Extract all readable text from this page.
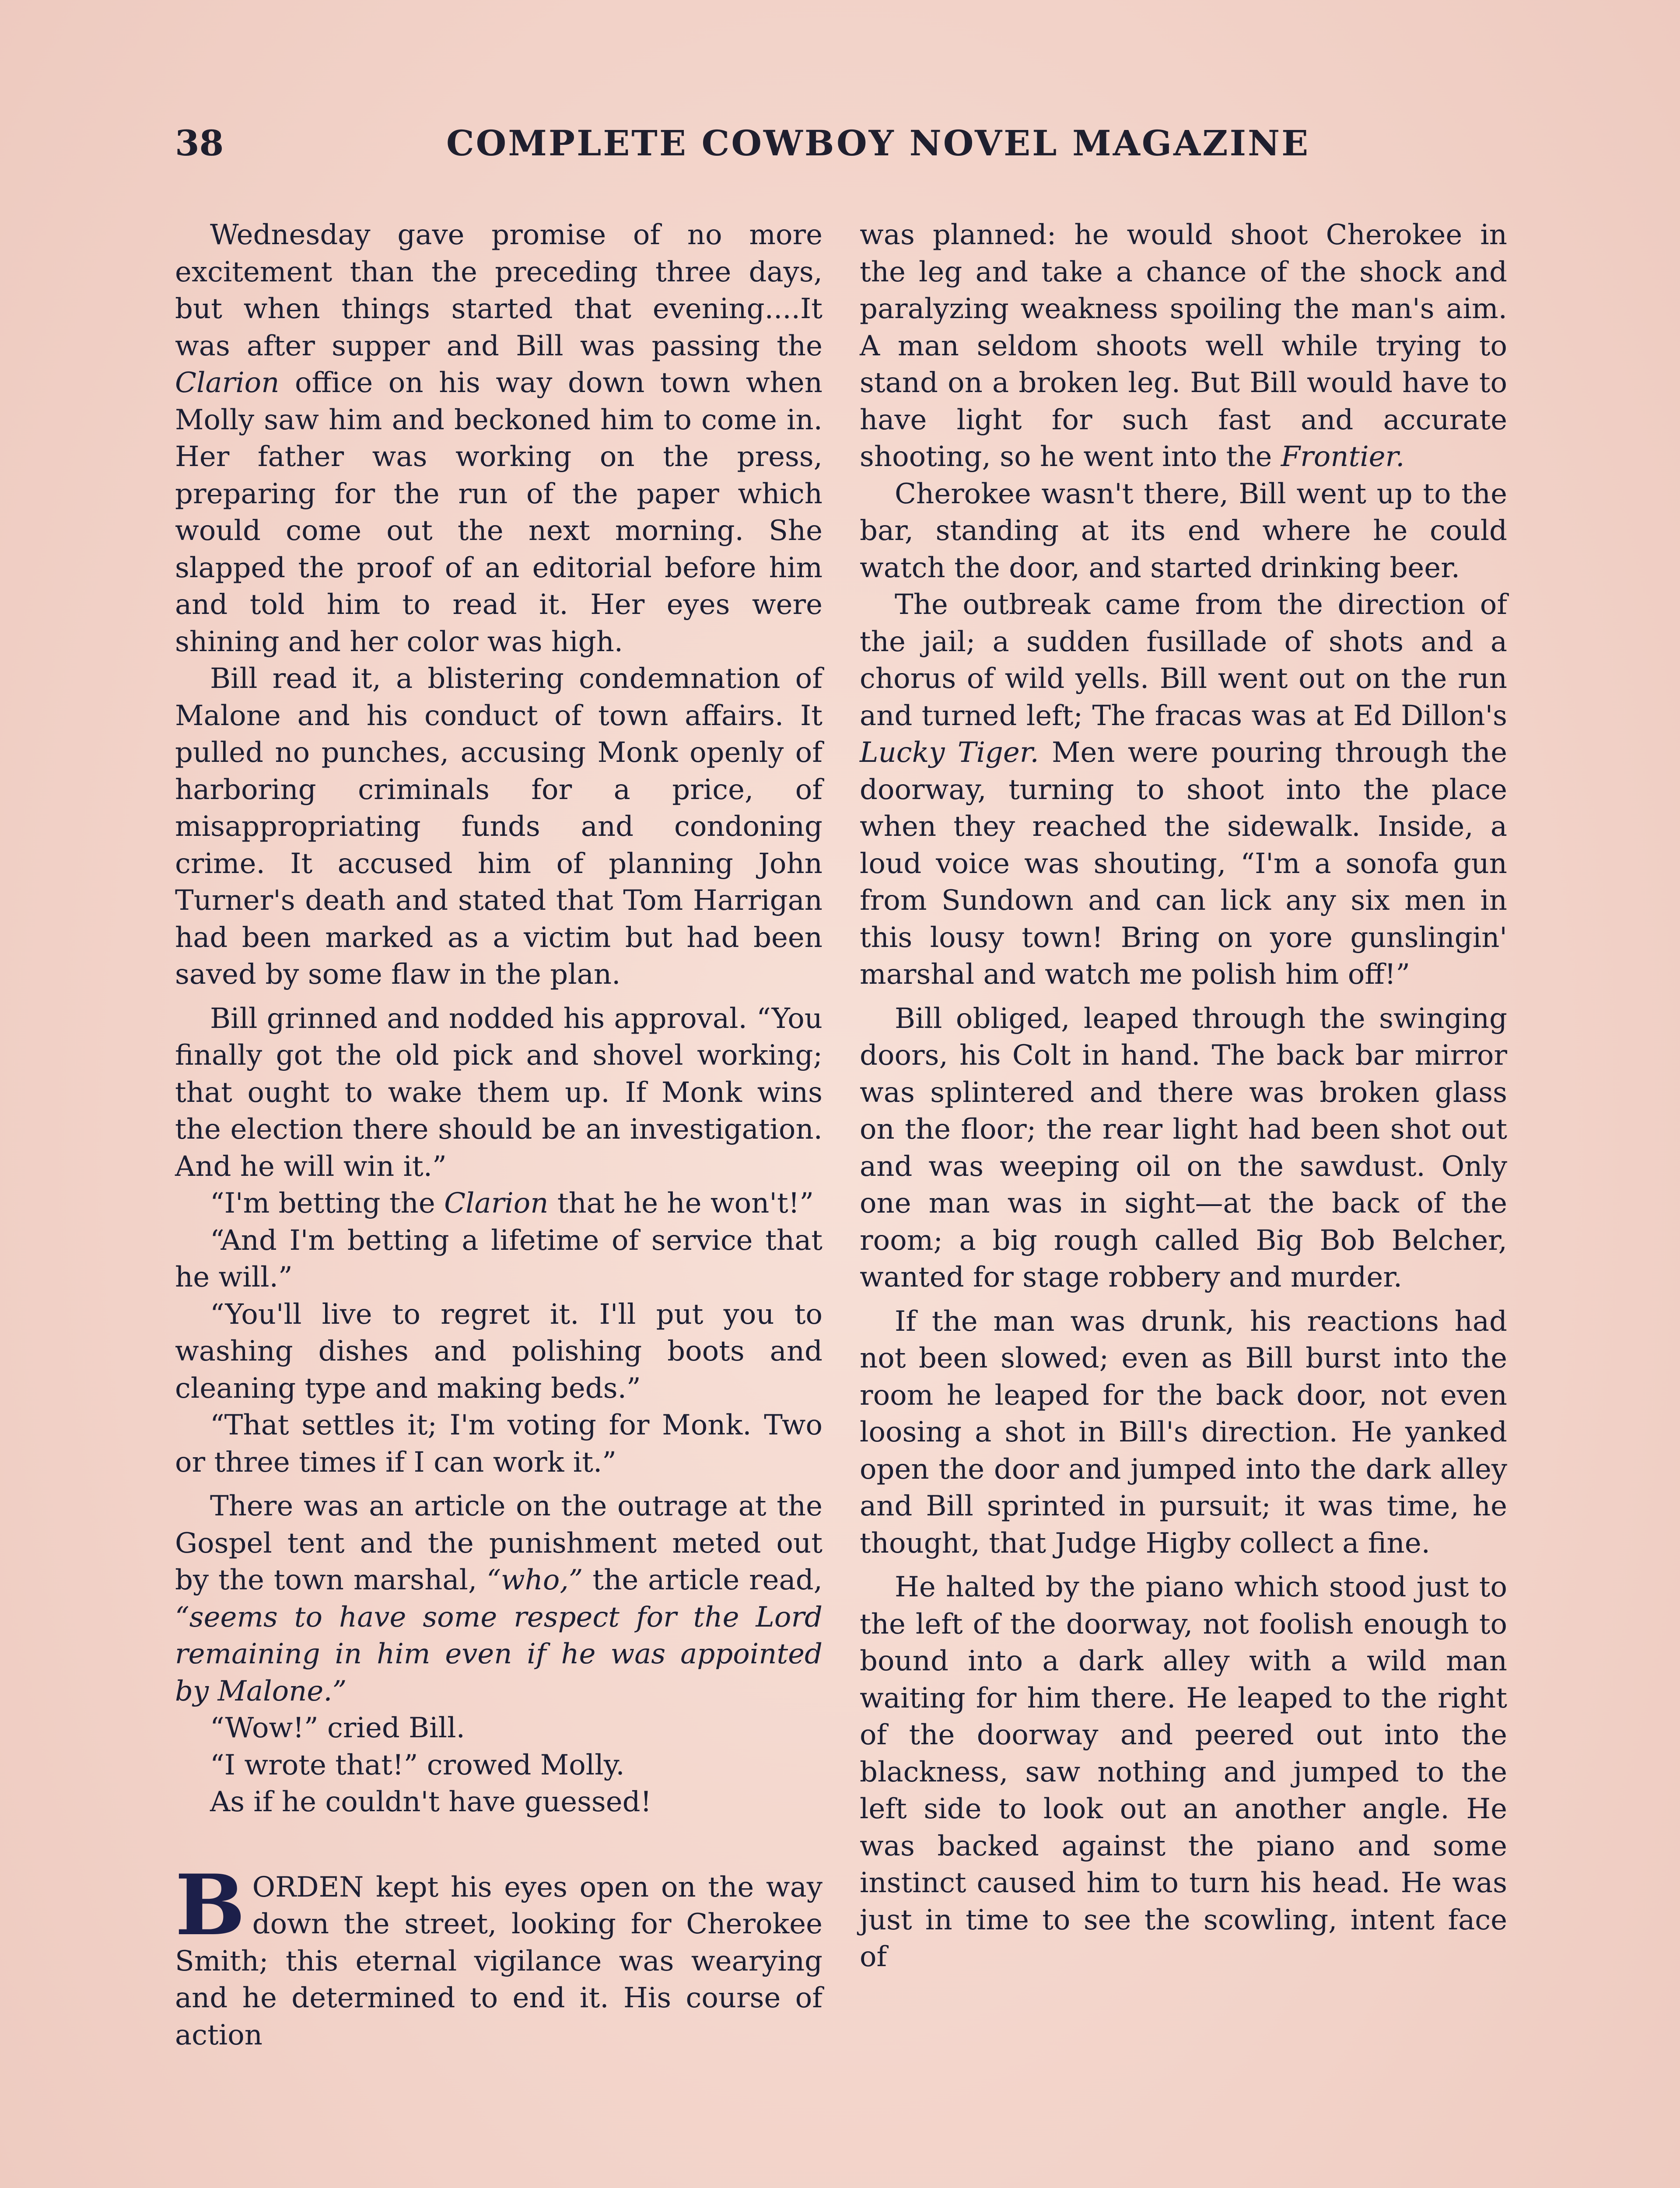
38	COMPLETE COWBOY NOVEL MAGAZINE

Wednesday gave promise of no more excitement than the preceding three days, but when things started that evening....It was after supper and Bill was passing the Clarion office on his way down town when Molly saw him and beckoned him to come in. Her father was working on the press, preparing for the run of the paper which would come out the next morning. She slapped the proof of an editorial before him and told him to read it. Her eyes were shining and her color was high.

Bill read it, a blistering condemnation of Malone and his conduct of town affairs. It pulled no punches, accusing Monk openly of harboring criminals for a price, of misappropriating funds and condoning crime. It accused him of planning John Turner's death and stated that Tom Harrigan had been marked as a victim but had been saved by some flaw in the plan.

Bill grinned and nodded his approval. “You finally got the old pick and shovel working; that ought to wake them up. If Monk wins the election there should be an investigation. And he will win it.”

“I'm betting the Clarion that he he won't!”

“And I'm betting a lifetime of service that he will.”

“You'll live to regret it. I'll put you to washing dishes and polishing boots and cleaning type and making beds.”

“That settles it; I'm voting for Monk. Two or three times if I can work it.”

There was an article on the outrage at the Gospel tent and the punishment meted out by the town marshal, “who,” the article read, “seems to have some respect for the Lord remaining in him even if he was appointed by Malone.”

“Wow!” cried Bill.

“I wrote that!” crowed Molly.

As if he couldn't have guessed!

BORDEN kept his eyes open on the way down the street, looking for Cherokee Smith; this eternal vigilance was wearying and he determined to end it. His course of action

was planned: he would shoot Cherokee in the leg and take a chance of the shock and paralyzing weakness spoiling the man's aim. A man seldom shoots well while trying to stand on a broken leg. But Bill would have to have light for such fast and accurate shooting, so he went into the Frontier.

Cherokee wasn't there, Bill went up to the bar, standing at its end where he could watch the door, and started drinking beer.

The outbreak came from the direction of the jail; a sudden fusillade of shots and a chorus of wild yells. Bill went out on the run and turned left; The fracas was at Ed Dillon's Lucky Tiger. Men were pouring through the doorway, turning to shoot into the place when they reached the sidewalk. Inside, a loud voice was shouting, “I'm a sonofa gun from Sundown and can lick any six men in this lousy town! Bring on yore gunslingin' marshal and watch me polish him off!”

Bill obliged, leaped through the swinging doors, his Colt in hand. The back bar mirror was splintered and there was broken glass on the floor; the rear light had been shot out and was weeping oil on the sawdust. Only one man was in sight—at the back of the room; a big rough called Big Bob Belcher, wanted for stage robbery and murder.

If the man was drunk, his reactions had not been slowed; even as Bill burst into the room he leaped for the back door, not even loosing a shot in Bill's direction. He yanked open the door and jumped into the dark alley and Bill sprinted in pursuit; it was time, he thought, that Judge Higby collect a fine.

He halted by the piano which stood just to the left of the doorway, not foolish enough to bound into a dark alley with a wild man waiting for him there. He leaped to the right of the doorway and peered out into the blackness, saw nothing and jumped to the left side to look out an another angle. He was backed against the piano and some instinct caused him to turn his head. He was just in time to see the scowling, intent face of
